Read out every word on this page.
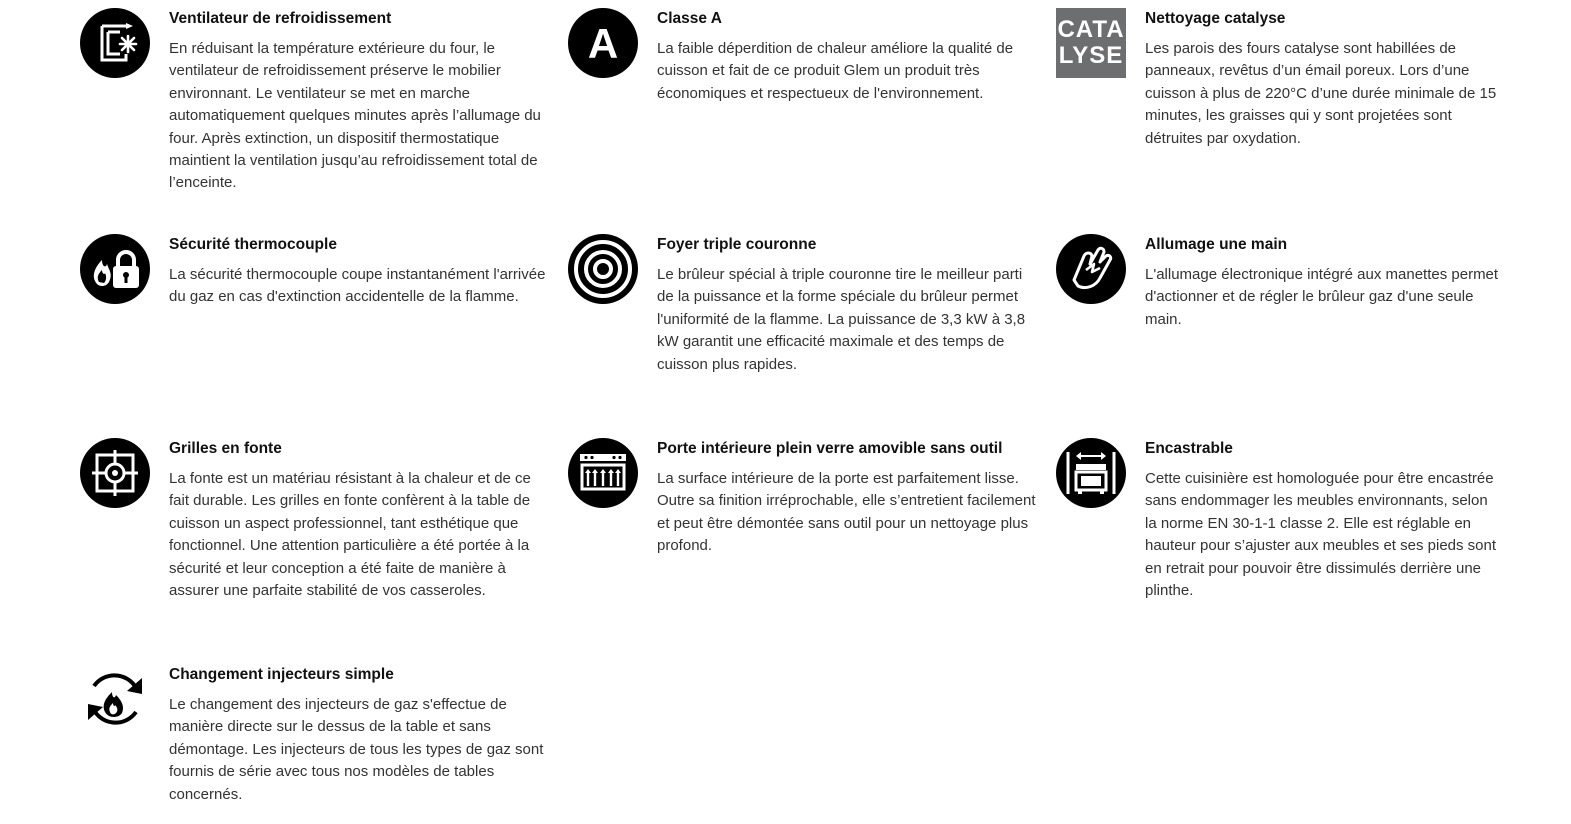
Ventilateur de refroidissement

En réduisant la température extérieure du four, le ventilateur de refroidissement préserve le mobilier environnant. Le ventilateur se met en marche automatiquement quelques minutes après l’allumage du four. Après extinction, un dispositif thermostatique maintient la ventilation jusqu’au refroidissement total de l’enceinte.

A
Classe A

La faible déperdition de chaleur améliore la qualité de cuisson et fait de ce produit Glem un produit très économiques et respectueux de l'environnement.

CATA
LYSE
Nettoyage catalyse

Les parois des fours catalyse sont habillées de panneaux, revêtus d’un émail poreux. Lors d’une cuisson à plus de 220°C d’une durée minimale de 15 minutes, les graisses qui y sont projetées sont détruites par oxydation.

Sécurité thermocouple

La sécurité thermocouple coupe instantanément l'arrivée du gaz en cas d'extinction accidentelle de la flamme.

Foyer triple couronne

Le brûleur spécial à triple couronne tire le meilleur parti de la puissance et la forme spéciale du brûleur permet l'uniformité de la flamme. La puissance de 3,3 kW à 3,8 kW garantit une efficacité maximale et des temps de cuisson plus rapides.

Allumage une main

L'allumage électronique intégré aux manettes permet d'actionner et de régler le brûleur gaz d'une seule main.

Grilles en fonte

La fonte est un matériau résistant à la chaleur et de ce fait durable. Les grilles en fonte confèrent à la table de cuisson un aspect professionnel, tant esthétique que fonctionnel. Une attention particulière a été portée à la sécurité et leur conception a été faite de manière à assurer une parfaite stabilité de vos casseroles.

Porte intérieure plein verre amovible sans outil

La surface intérieure de la porte est parfaitement lisse. Outre sa finition irréprochable, elle s’entretient facilement et peut être démontée sans outil pour un nettoyage plus profond.

Encastrable

Cette cuisinière est homologuée pour être encastrée sans endommager les meubles environnants, selon la norme EN 30-1-1 classe 2. Elle est réglable en hauteur pour s’ajuster aux meubles et ses pieds sont en retrait pour pouvoir être dissimulés derrière une plinthe.

Changement injecteurs simple

Le changement des injecteurs de gaz s'effectue de manière directe sur le dessus de la table et sans démontage. Les injecteurs de tous les types de gaz sont fournis de série avec tous nos modèles de tables concernés.
